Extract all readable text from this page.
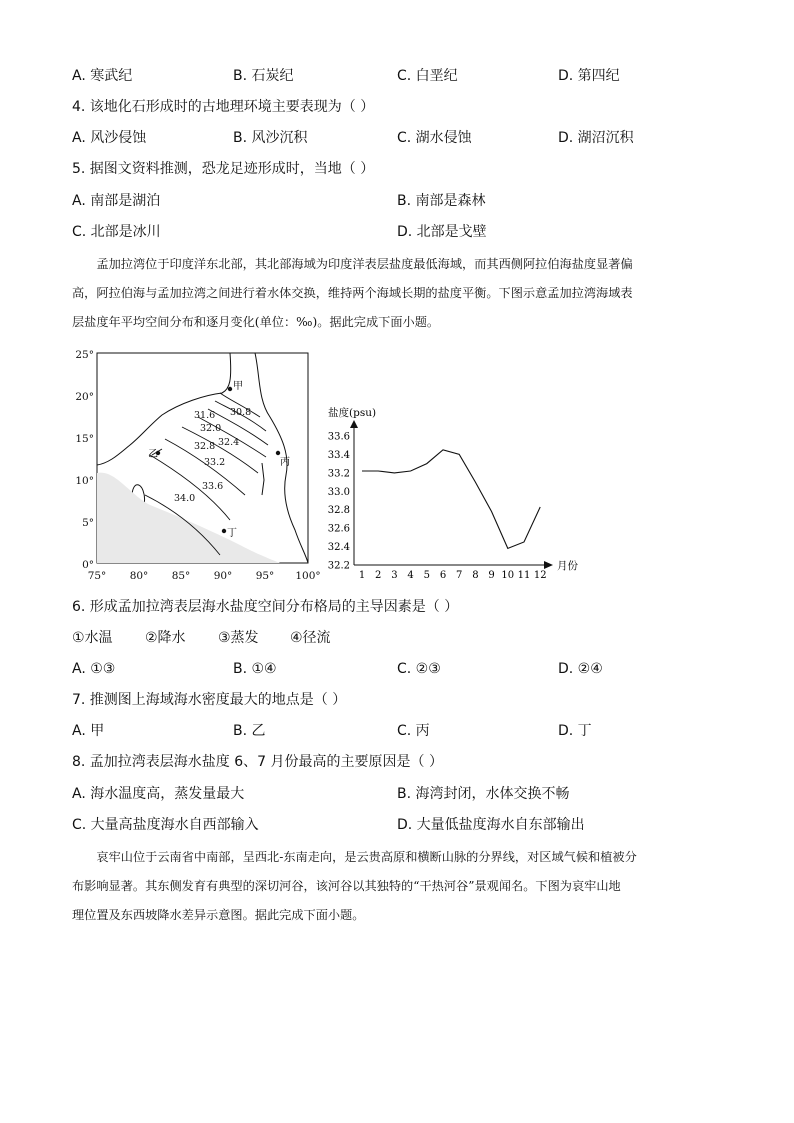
A. 寒武纪	B. 石炭纪	C. 白垩纪	D. 第四纪
4. 该地化石形成时的古地理环境主要表现为（ ）
A. 风沙侵蚀	B. 风沙沉积	C. 湖水侵蚀	D. 湖沼沉积
5. 据图文资料推测，恐龙足迹形成时，当地（ ）
A. 南部是湖泊	B. 南部是森林
C. 北部是冰川	D. 北部是戈壁

孟加拉湾位于印度洋东北部，其北部海域为印度洋表层盐度最低海域，而其西侧阿拉伯海盐度显著偏

高，阿拉伯海与孟加拉湾之间进行着水体交换，维持两个海域长期的盐度平衡。下图示意孟加拉湾海域表

层盐度年平均空间分布和逐月变化(单位：‰)。据此完成下面小题。

甲
乙
丙
丁
31.6 30.8
32.0
32.4
32.8
33.2
33.6
34.0
25°
20°
15°
10°
5°
0°
75° 80° 85° 90° 95° 100°
盐度(psu)
月份
32.2
32.4
32.6
32.8
33.0
33.2
33.4
33.6
1 2 3 4 5 6 7 8 9 10 11 12
6. 形成孟加拉湾表层海水盐度空间分布格局的主导因素是（ ）
①水温 ②降水 ③蒸发 ④径流
A. ①③	B. ①④	C. ②③	D. ②④
7. 推测图上海域海水密度最大的地点是（ ）
A. 甲	B. 乙	C. 丙	D. 丁
8. 孟加拉湾表层海水盐度 6、7 月份最高的主要原因是（ ）
A. 海水温度高，蒸发量最大	B. 海湾封闭，水体交换不畅
C. 大量高盐度海水自西部输入	D. 大量低盐度海水自东部输出

哀牢山位于云南省中南部，呈西北-东南走向，是云贵高原和横断山脉的分界线，对区域气候和植被分

布影响显著。其东侧发育有典型的深切河谷，该河谷以其独特的“干热河谷”景观闻名。下图为哀牢山地

理位置及东西坡降水差异示意图。据此完成下面小题。
